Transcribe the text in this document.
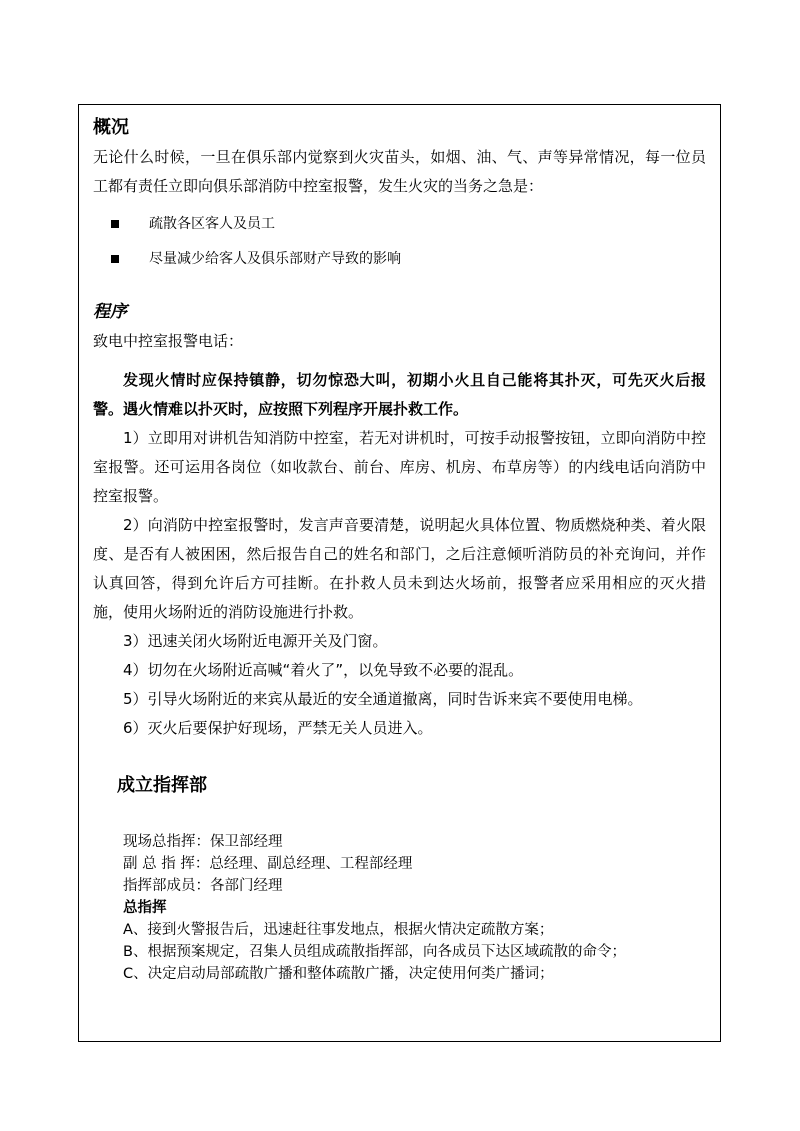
概况

无论什么时候，一旦在俱乐部内觉察到火灾苗头，如烟、油、气、声等异常情况，每一位员工都有责任立即向俱乐部消防中控室报警，发生火灾的当务之急是：

疏散各区客人及员工
尽量减少给客人及俱乐部财产导致的影响
程序

致电中控室报警电话：

发现火情时应保持镇静，切勿惊恐大叫，初期小火且自己能将其扑灭，可先灭火后报警。遇火情难以扑灭时，应按照下列程序开展扑救工作。

1）立即用对讲机告知消防中控室，若无对讲机时，可按手动报警按钮，立即向消防中控室报警。还可运用各岗位（如收款台、前台、库房、机房、布草房等）的内线电话向消防中控室报警。

2）向消防中控室报警时，发言声音要清楚，说明起火具体位置、物质燃烧种类、着火限度、是否有人被困困，然后报告自己的姓名和部门，之后注意倾听消防员的补充询问，并作认真回答，得到允许后方可挂断。在扑救人员未到达火场前，报警者应采用相应的灭火措施，使用火场附近的消防设施进行扑救。

3）迅速关闭火场附近电源开关及门窗。

4）切勿在火场附近高喊“着火了”，以免导致不必要的混乱。

5）引导火场附近的来宾从最近的安全通道撤离，同时告诉来宾不要使用电梯。

6）灭火后要保护好现场，严禁无关人员进入。

成立指挥部
现场总指挥：保卫部经理
副 总 指 挥：总经理、副总经理、工程部经理
指挥部成员：各部门经理
总指挥
A、接到火警报告后，迅速赶往事发地点，根据火情决定疏散方案；
B、根据预案规定，召集人员组成疏散指挥部，向各成员下达区域疏散的命令；
C、决定启动局部疏散广播和整体疏散广播，决定使用何类广播词；
